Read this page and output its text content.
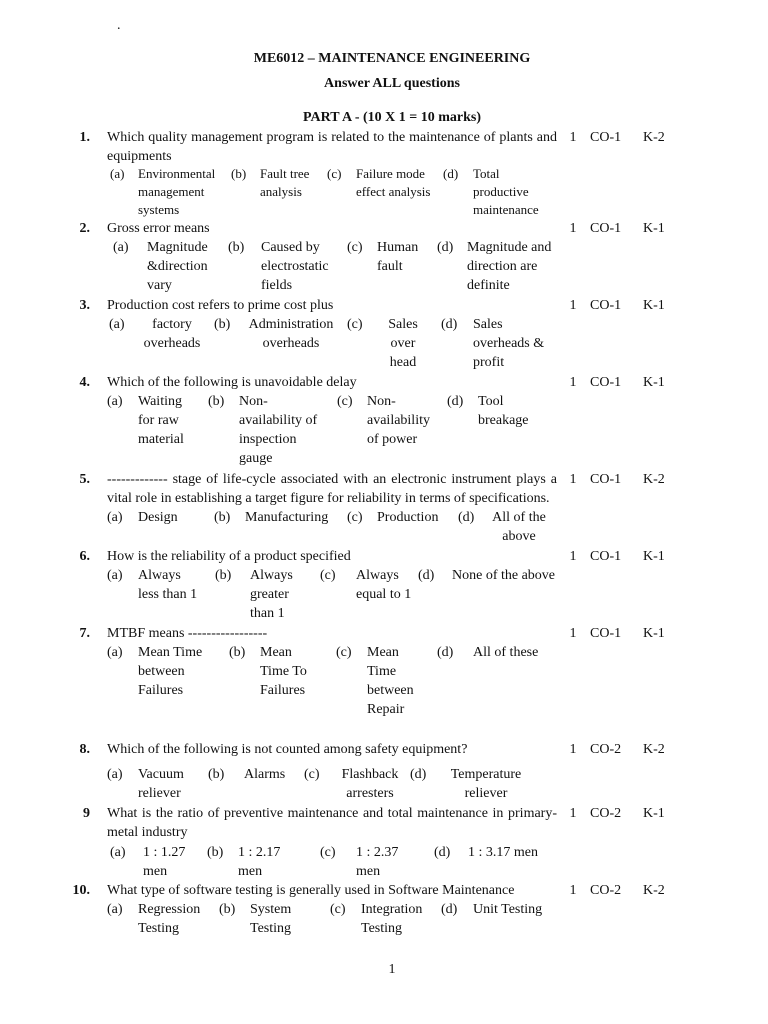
.
ME6012 – MAINTENANCE ENGINEERING
Answer ALL questions
PART A - (10 X 1 = 10 marks)
1. Which quality management program is related to the maintenance of plants and equipments
1 CO-1 K-2
(a) Environmental management systems
(b) Fault tree analysis
(c) Failure mode effect analysis
(d) Total productive maintenance
2. Gross error means	1 CO-1 K-1
(a) Magnitude &direction vary
(b) Caused by electrostatic fields
(c) Human fault
(d) Magnitude and direction are definite
3. Production cost refers to prime cost plus	1 CO-1 K-1
(a)	factory overheads
(b) Administration overheads
(c)	Sales over head
(d) Sales overheads & profit
4. Which of the following is unavoidable delay	1 CO-1 K-1
(a) Waiting for raw material
(b) Non-availability of inspection gauge
(c) Non-availability of power
(d) Tool breakage
5. ------------- stage of life-cycle associated with an electronic instrument plays a vital role in establishing a target figure for reliability in terms of specifications.
1 CO-1 K-2
(a) Design	(b) Manufacturing	(c) Production	(d) All of the above
6. How is the reliability of a product specified	1 CO-1 K-1
(a) Always less than 1
(b) Always greater than 1
(c) Always equal to 1
(d) None of the above
7. MTBF means -----------------	1 CO-1 K-1
(a) Mean Time between Failures
(b) Mean Time To Failures
(c) Mean Time between Repair
(d) All of these
8. Which of the following is not counted among safety equipment?	1 CO-2 K-2
(a) Vacuum reliever
(b) Alarms	(c)	Flashback arresters
(d)	Temperature reliever
9 What is the ratio of preventive maintenance and total maintenance in primary-metal industry
1 CO-2 K-1
(a) 1 : 1.27 men
(b) 1 : 2.17 men
(c) 1 : 2.37 men
(d) 1 : 3.17 men
10. What type of software testing is generally used in Software Maintenance	1 CO-2 K-2
(a) Regression Testing
(b) System Testing
(c) Integration Testing
(d) Unit Testing
1
